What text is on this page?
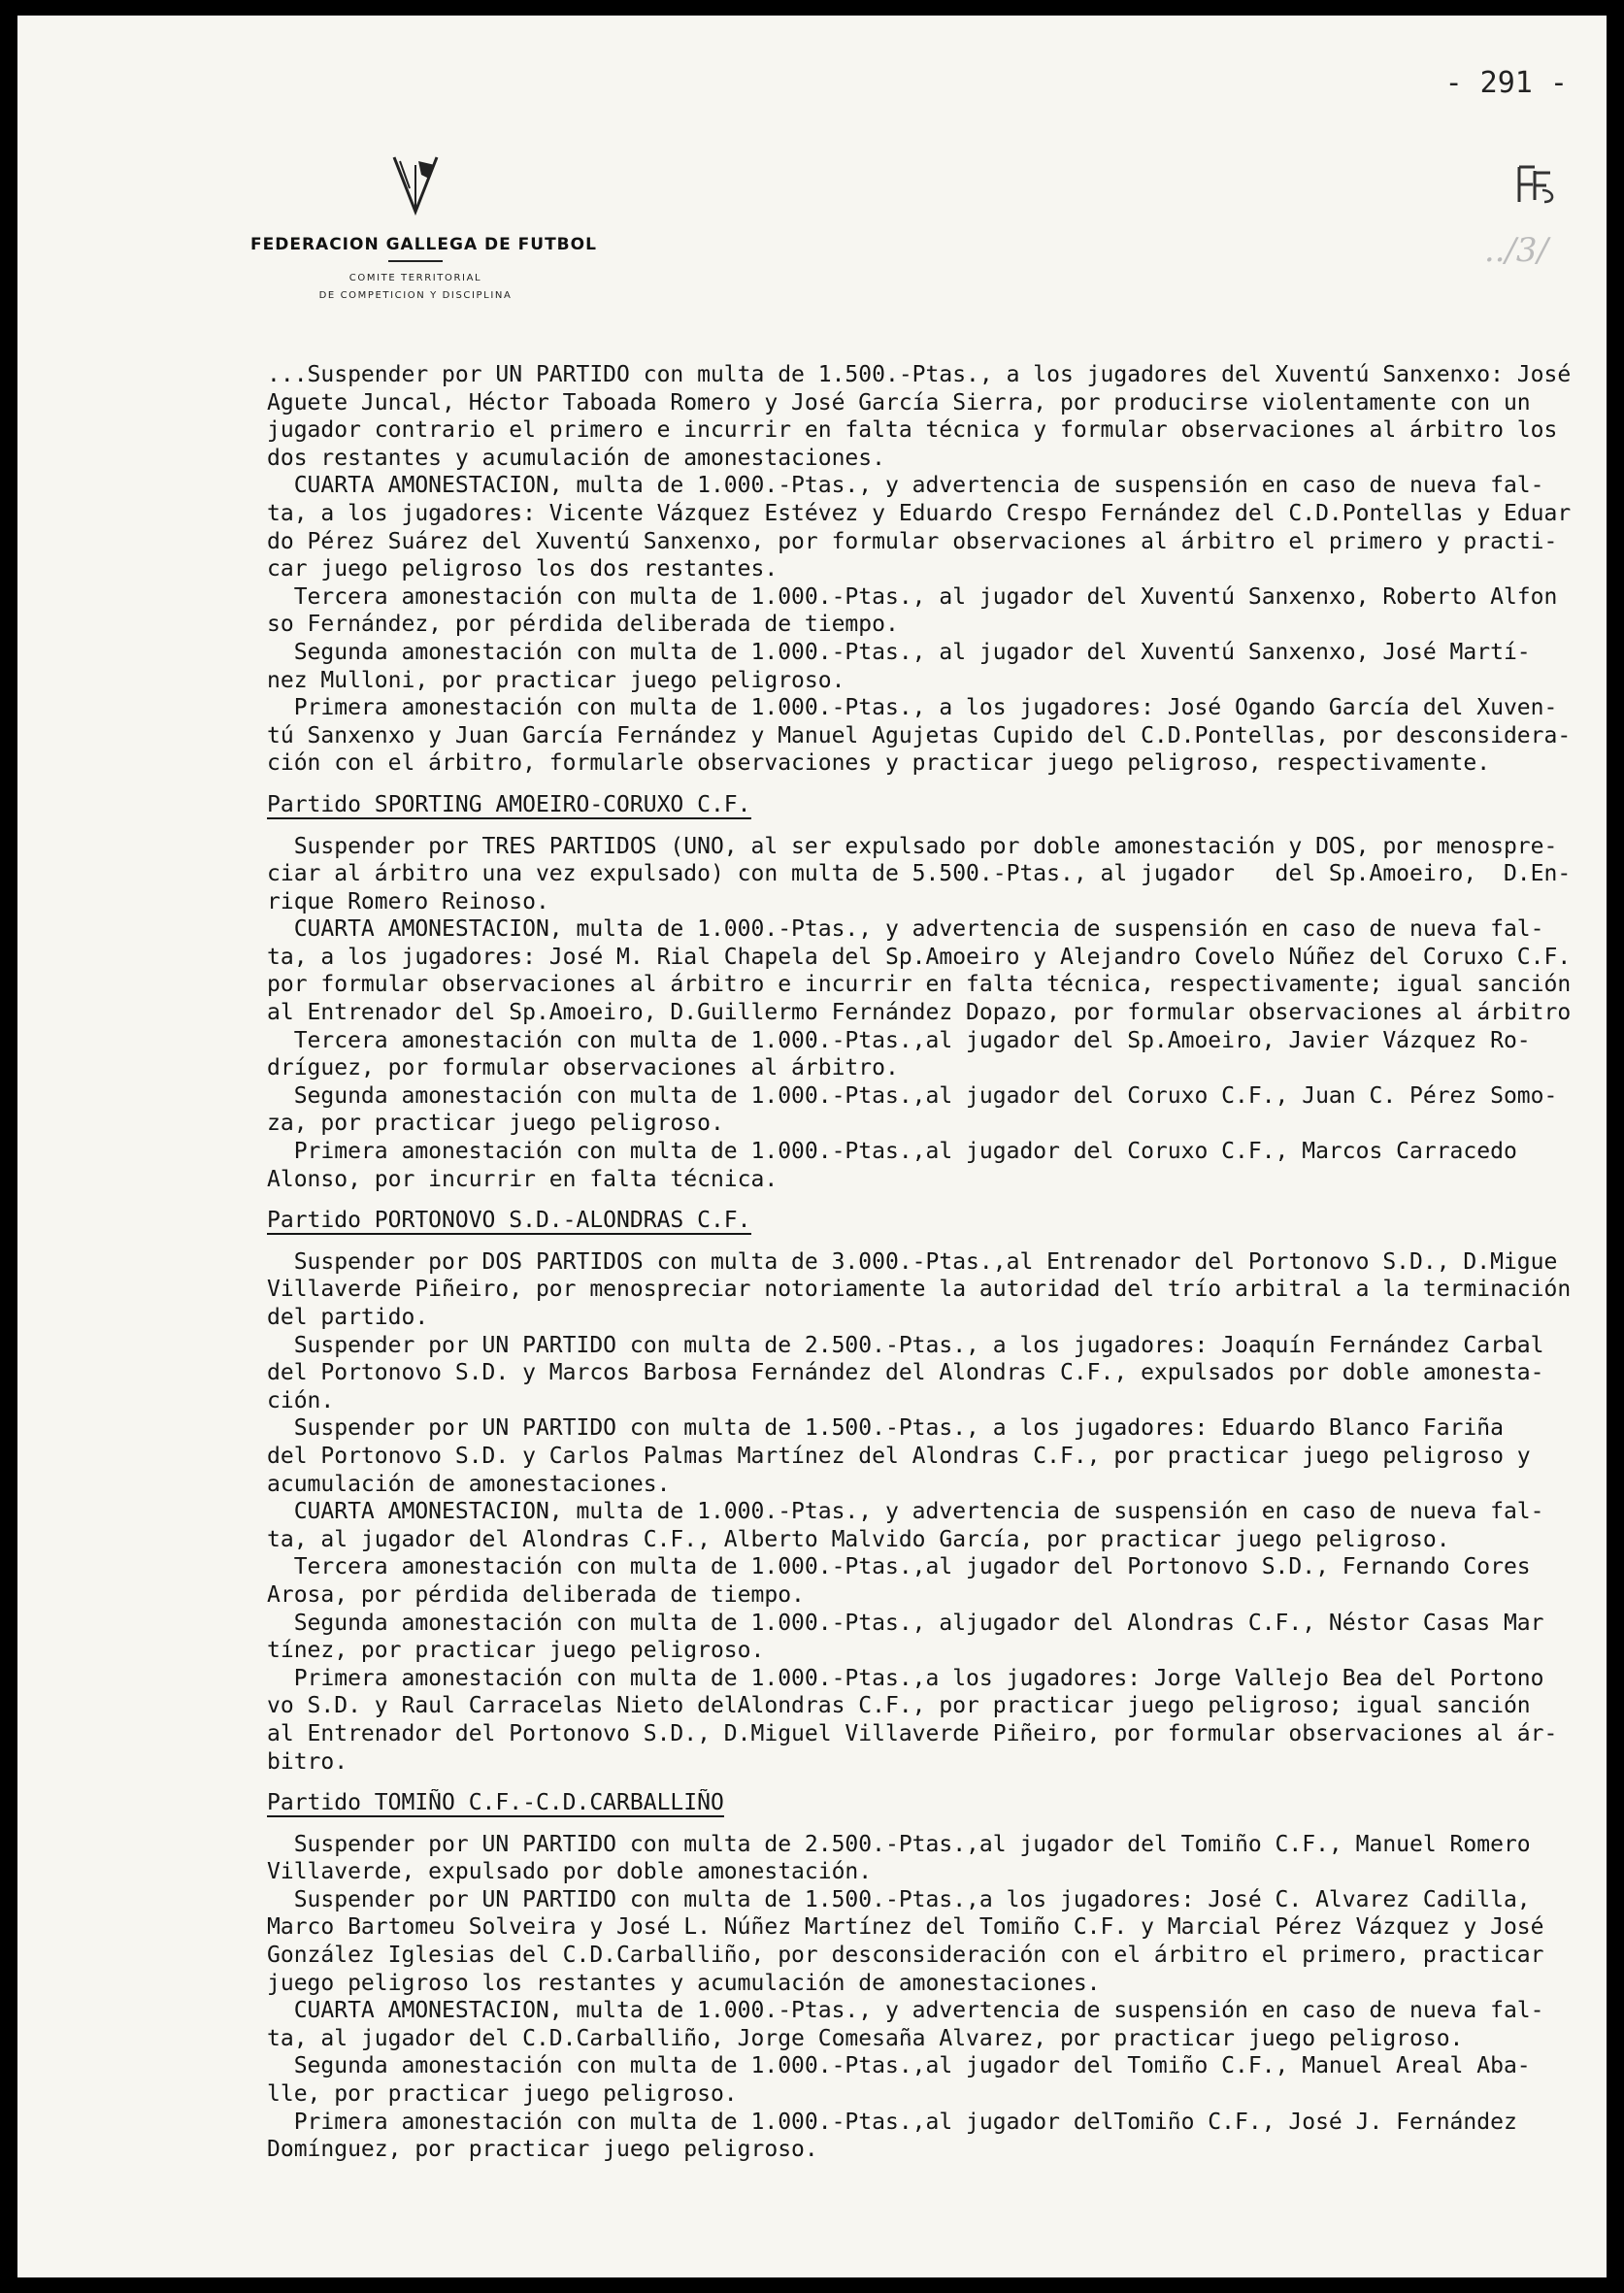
- 291 -
FEDERACION GALLEGA DE FUTBOL
COMITE TERRITORIAL
DE COMPETICION Y DISCIPLINA
../3/
...Suspender por UN PARTIDO con multa de 1.500.-Ptas., a los jugadores del Xuventú Sanxenxo: José
Aguete Juncal, Héctor Taboada Romero y José García Sierra, por producirse violentamente con un
jugador contrario el primero e incurrir en falta técnica y formular observaciones al árbitro los
dos restantes y acumulación de amonestaciones.
CUARTA AMONESTACION, multa de 1.000.-Ptas., y advertencia de suspensión en caso de nueva fal-
ta, a los jugadores: Vicente Vázquez Estévez y Eduardo Crespo Fernández del C.D.Pontellas y Eduar
do Pérez Suárez del Xuventú Sanxenxo, por formular observaciones al árbitro el primero y practi-
car juego peligroso los dos restantes.
Tercera amonestación con multa de 1.000.-Ptas., al jugador del Xuventú Sanxenxo, Roberto Alfon
so Fernández, por pérdida deliberada de tiempo.
Segunda amonestación con multa de 1.000.-Ptas., al jugador del Xuventú Sanxenxo, José Martí-
nez Mulloni, por practicar juego peligroso.
Primera amonestación con multa de 1.000.-Ptas., a los jugadores: José Ogando García del Xuven-
tú Sanxenxo y Juan García Fernández y Manuel Agujetas Cupido del C.D.Pontellas, por desconsidera-
ción con el árbitro, formularle observaciones y practicar juego peligroso, respectivamente.
Partido SPORTING AMOEIRO-CORUXO C.F.
Suspender por TRES PARTIDOS (UNO, al ser expulsado por doble amonestación y DOS, por menospre-
ciar al árbitro una vez expulsado) con multa de 5.500.-Ptas., al jugador   del Sp.Amoeiro,  D.En-
rique Romero Reinoso.
CUARTA AMONESTACION, multa de 1.000.-Ptas., y advertencia de suspensión en caso de nueva fal-
ta, a los jugadores: José M. Rial Chapela del Sp.Amoeiro y Alejandro Covelo Núñez del Coruxo C.F.
por formular observaciones al árbitro e incurrir en falta técnica, respectivamente; igual sanción
al Entrenador del Sp.Amoeiro, D.Guillermo Fernández Dopazo, por formular observaciones al árbitro
Tercera amonestación con multa de 1.000.-Ptas.,al jugador del Sp.Amoeiro, Javier Vázquez Ro-
dríguez, por formular observaciones al árbitro.
Segunda amonestación con multa de 1.000.-Ptas.,al jugador del Coruxo C.F., Juan C. Pérez Somo-
za, por practicar juego peligroso.
Primera amonestación con multa de 1.000.-Ptas.,al jugador del Coruxo C.F., Marcos Carracedo
Alonso, por incurrir en falta técnica.
Partido PORTONOVO S.D.-ALONDRAS C.F.
Suspender por DOS PARTIDOS con multa de 3.000.-Ptas.,al Entrenador del Portonovo S.D., D.Migue
Villaverde Piñeiro, por menospreciar notoriamente la autoridad del trío arbitral a la terminación
del partido.
Suspender por UN PARTIDO con multa de 2.500.-Ptas., a los jugadores: Joaquín Fernández Carbal
del Portonovo S.D. y Marcos Barbosa Fernández del Alondras C.F., expulsados por doble amonesta-
ción.
Suspender por UN PARTIDO con multa de 1.500.-Ptas., a los jugadores: Eduardo Blanco Fariña
del Portonovo S.D. y Carlos Palmas Martínez del Alondras C.F., por practicar juego peligroso y
acumulación de amonestaciones.
CUARTA AMONESTACION, multa de 1.000.-Ptas., y advertencia de suspensión en caso de nueva fal-
ta, al jugador del Alondras C.F., Alberto Malvido García, por practicar juego peligroso.
Tercera amonestación con multa de 1.000.-Ptas.,al jugador del Portonovo S.D., Fernando Cores
Arosa, por pérdida deliberada de tiempo.
Segunda amonestación con multa de 1.000.-Ptas., aljugador del Alondras C.F., Néstor Casas Mar
tínez, por practicar juego peligroso.
Primera amonestación con multa de 1.000.-Ptas.,a los jugadores: Jorge Vallejo Bea del Portono
vo S.D. y Raul Carracelas Nieto delAlondras C.F., por practicar juego peligroso; igual sanción
al Entrenador del Portonovo S.D., D.Miguel Villaverde Piñeiro, por formular observaciones al ár-
bitro.
Partido TOMIÑO C.F.-C.D.CARBALLIÑO
Suspender por UN PARTIDO con multa de 2.500.-Ptas.,al jugador del Tomiño C.F., Manuel Romero
Villaverde, expulsado por doble amonestación.
Suspender por UN PARTIDO con multa de 1.500.-Ptas.,a los jugadores: José C. Alvarez Cadilla,
Marco Bartomeu Solveira y José L. Núñez Martínez del Tomiño C.F. y Marcial Pérez Vázquez y José
González Iglesias del C.D.Carballiño, por desconsideración con el árbitro el primero, practicar
juego peligroso los restantes y acumulación de amonestaciones.
CUARTA AMONESTACION, multa de 1.000.-Ptas., y advertencia de suspensión en caso de nueva fal-
ta, al jugador del C.D.Carballiño, Jorge Comesaña Alvarez, por practicar juego peligroso.
Segunda amonestación con multa de 1.000.-Ptas.,al jugador del Tomiño C.F., Manuel Areal Aba-
lle, por practicar juego peligroso.
Primera amonestación con multa de 1.000.-Ptas.,al jugador delTomiño C.F., José J. Fernández
Domínguez, por practicar juego peligroso.
